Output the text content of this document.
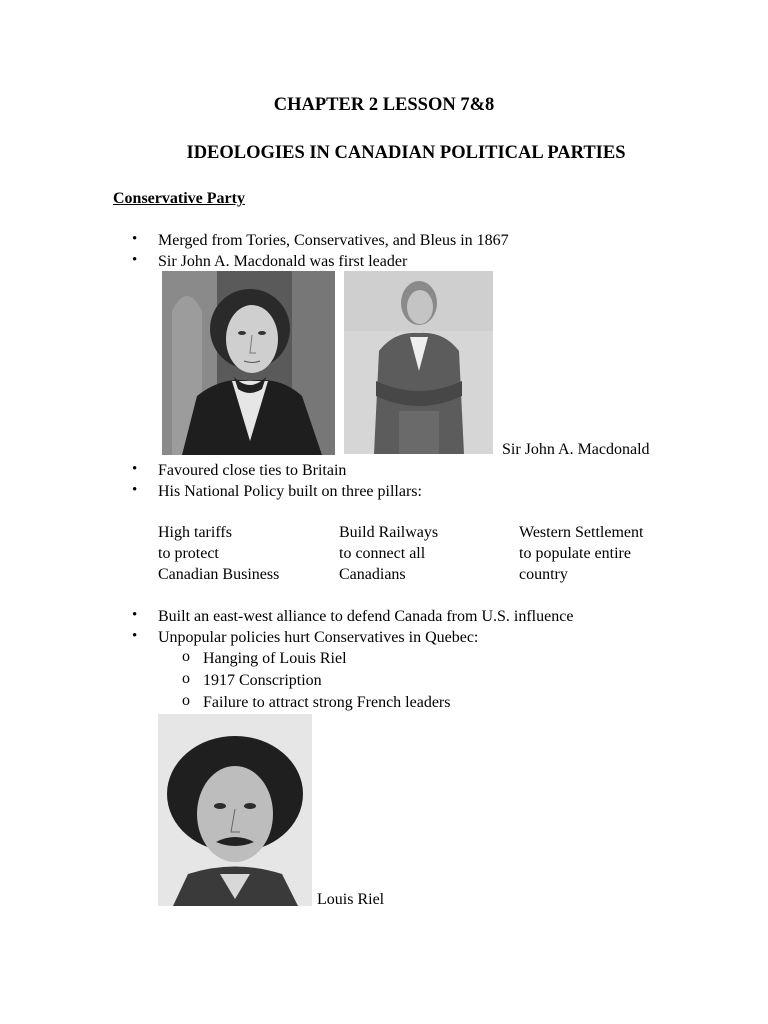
CHAPTER 2 LESSON 7&8
IDEOLOGIES IN CANADIAN POLITICAL PARTIES
Conservative Party
• Merged from Tories, Conservatives, and Bleus in 1867
• Sir John A. Macdonald was first leader
Sir John A. Macdonald
• Favoured close ties to Britain
• His National Policy built on three pillars:
High tariffs
to protect
Canadian Business
Build Railways
to connect all
Canadians
Western Settlement
to populate entire
country
• Built an east-west alliance to defend Canada from U.S. influence
• Unpopular policies hurt Conservatives in Quebec:
o Hanging of Louis Riel
o 1917 Conscription
o Failure to attract strong French leaders
Louis Riel
